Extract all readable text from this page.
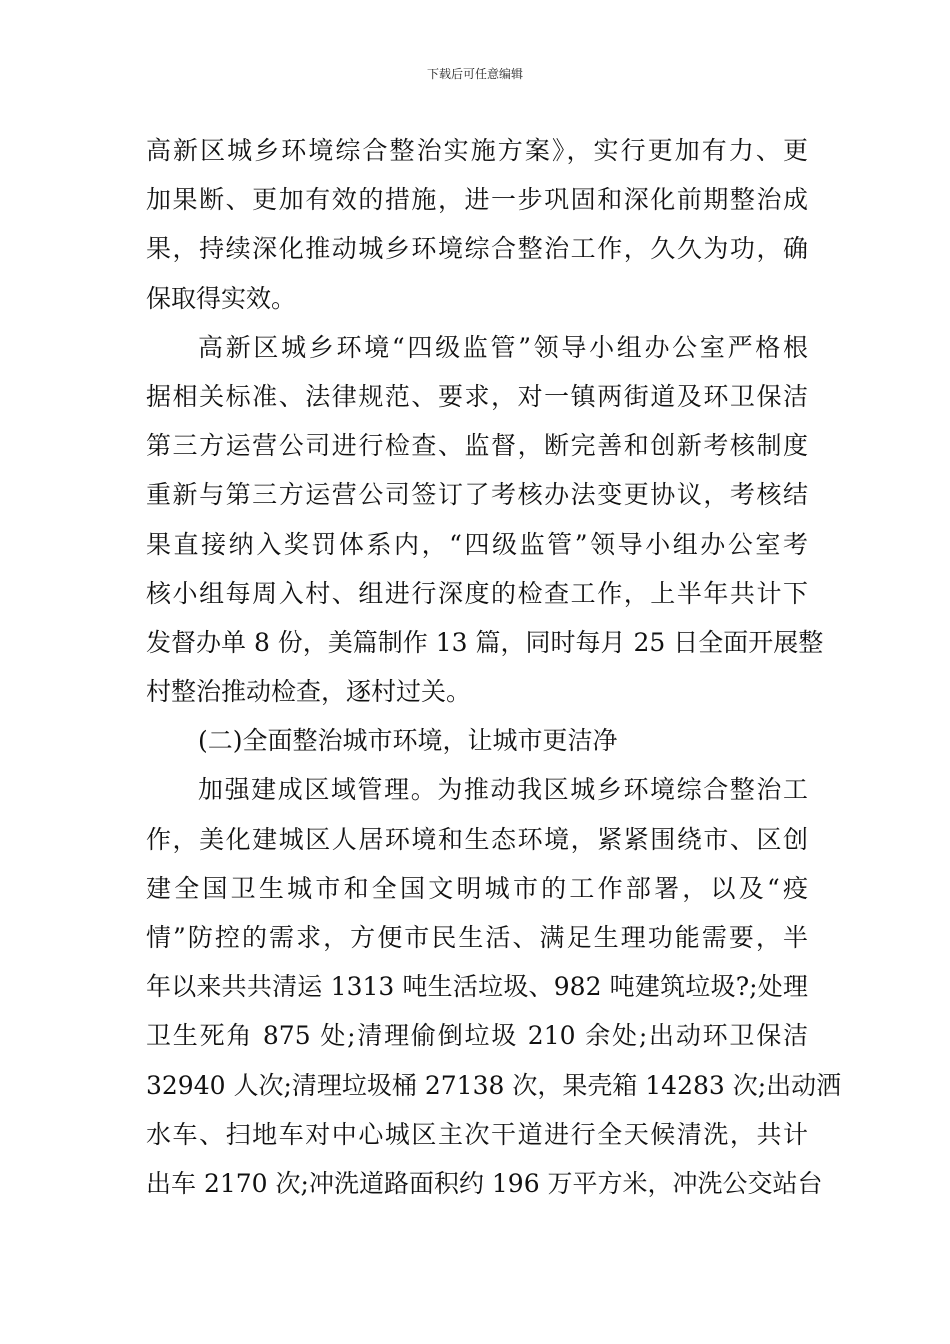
下载后可任意编辑
高新区城乡环境综合整治实施方案》，实行更加有力、更
加果断、更加有效的措施，进一步巩固和深化前期整治成
果，持续深化推动城乡环境综合整治工作，久久为功，确
保取得实效。
高新区城乡环境“四级监管”领导小组办公室严格根
据相关标准、法律规范、要求，对一镇两街道及环卫保洁
第三方运营公司进行检查、监督，断完善和创新考核制度
重新与第三方运营公司签订了考核办法变更协议，考核结
果直接纳入奖罚体系内，“四级监管”领导小组办公室考
核小组每周入村、组进行深度的检查工作，上半年共计下
发督办单 8 份，美篇制作 13 篇，同时每月 25 日全面开展整
村整治推动检查，逐村过关。
(二)全面整治城市环境，让城市更洁净
加强建成区域管理。为推动我区城乡环境综合整治工
作，美化建城区人居环境和生态环境，紧紧围绕市、区创
建全国卫生城市和全国文明城市的工作部署，以及“疫
情”防控的需求，方便市民生活、满足生理功能需要，半
年以来共共清运 1313 吨生活垃圾、982 吨建筑垃圾?;处理
卫生死角 875 处;清理偷倒垃圾 210 余处;出动环卫保洁
32940 人次;清理垃圾桶 27138 次，果壳箱 14283 次;出动洒
水车、扫地车对中心城区主次干道进行全天候清洗，共计
出车 2170 次;冲洗道路面积约 196 万平方米，冲洗公交站台
